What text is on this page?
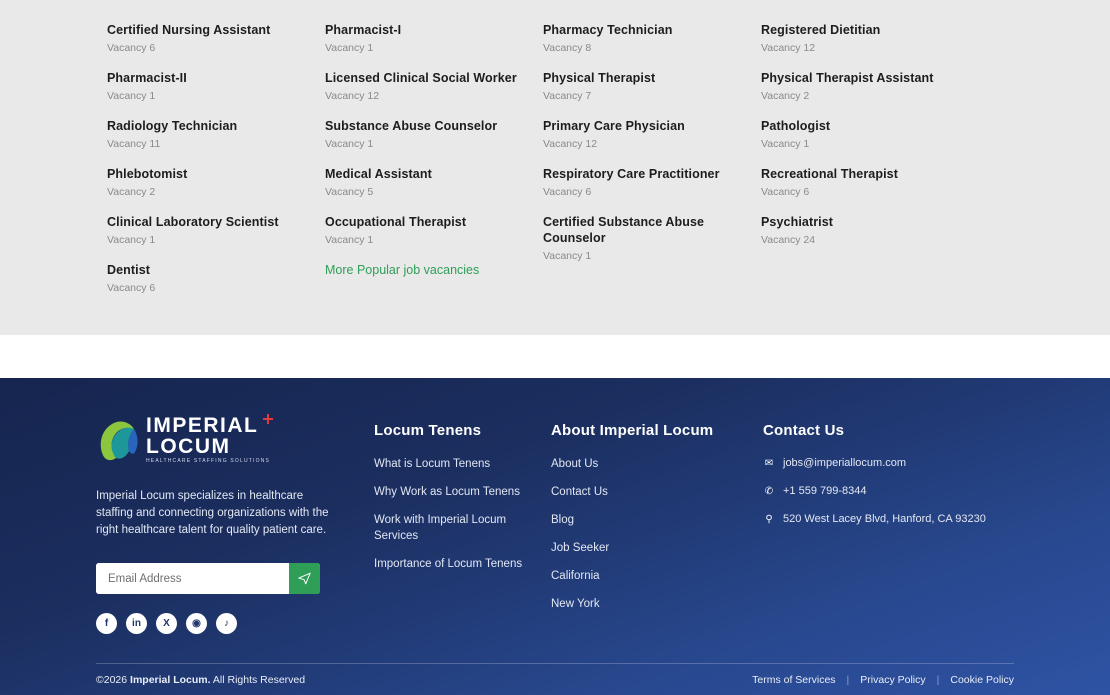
Certified Nursing Assistant
Vacancy 6
Pharmacist-I
Vacancy 1
Pharmacy Technician
Vacancy 8
Registered Dietitian
Vacancy 12
Pharmacist-II
Vacancy 1
Licensed Clinical Social Worker
Vacancy 12
Physical Therapist
Vacancy 7
Physical Therapist Assistant
Vacancy 2
Radiology Technician
Vacancy 11
Substance Abuse Counselor
Vacancy 1
Primary Care Physician
Vacancy 12
Pathologist
Vacancy 1
Phlebotomist
Vacancy 2
Medical Assistant
Vacancy 5
Respiratory Care Practitioner
Vacancy 6
Recreational Therapist
Vacancy 6
Clinical Laboratory Scientist
Vacancy 1
Occupational Therapist
Vacancy 1
Certified Substance Abuse Counselor
Vacancy 1
Psychiatrist
Vacancy 24
Dentist
Vacancy 6
More Popular job vacancies
IMPERIAL
LOCUM
HEALTHCARE STAFFING SOLUTIONS
Imperial Locum specializes in healthcare staffing and connecting organizations with the right healthcare talent for quality patient care.
Email Address
f	in	X	◉	♪
Locum Tenens
What is Locum Tenens
Why Work as Locum Tenens
Work with Imperial Locum Services
Importance of Locum Tenens
About Imperial Locum
About Us
Contact Us
Blog
Job Seeker
California
New York
Contact Us
✉ jobs@imperiallocum.com
✆ +1 559 799-8344
⚲ 520 West Lacey Blvd, Hanford, CA 93230
©2026 Imperial Locum. All Rights Reserved	Terms of Services | Privacy Policy | Cookie Policy
